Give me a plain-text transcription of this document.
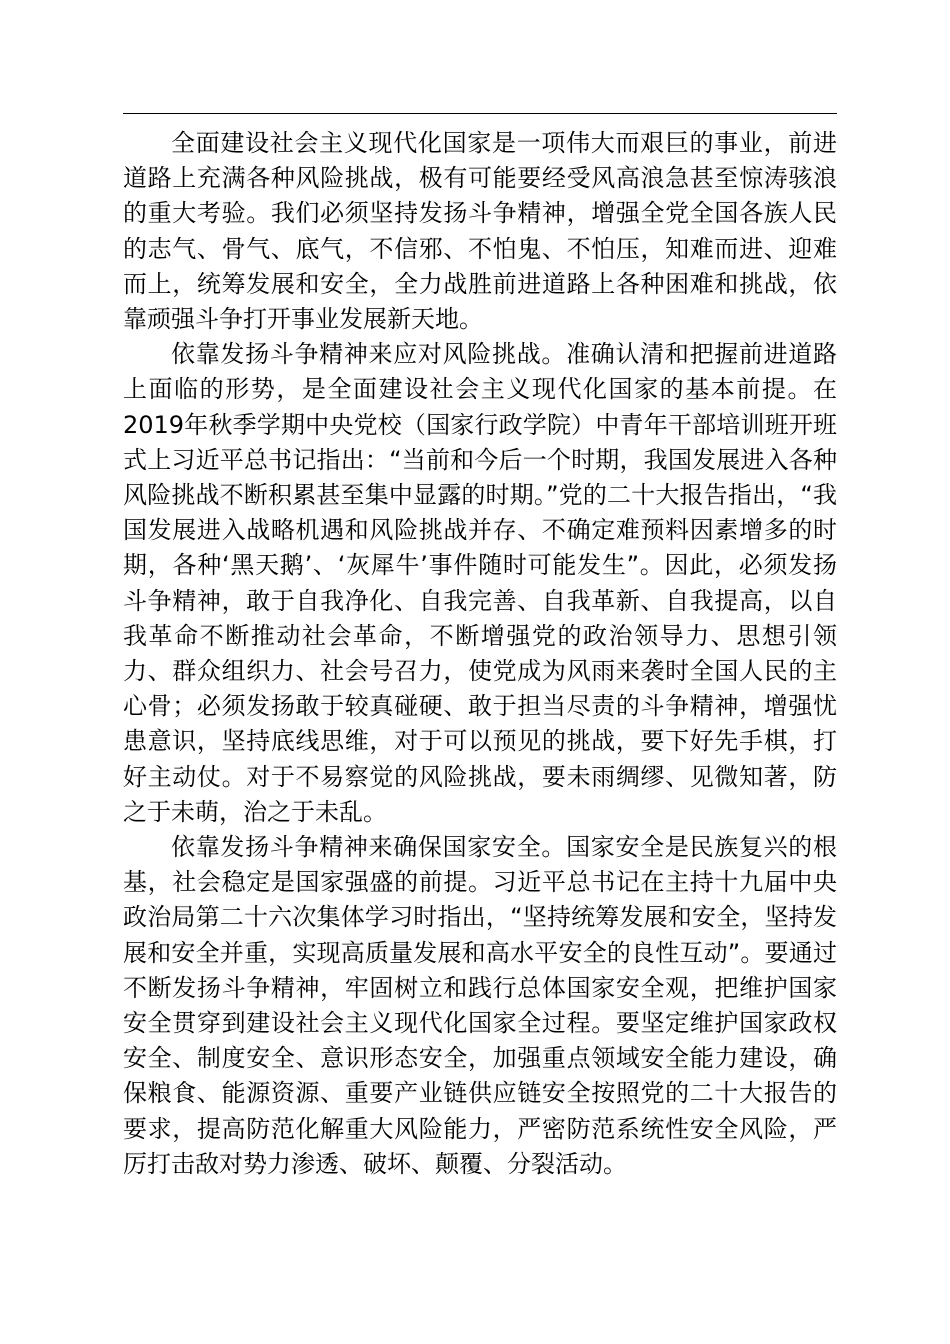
全面建设社会主义现代化国家是一项伟大而艰巨的事业，前进道路上充满各种风险挑战，极有可能要经受风高浪急甚至惊涛骇浪的重大考验。我们必须坚持发扬斗争精神，增强全党全国各族人民的志气、骨气、底气，不信邪、不怕鬼、不怕压，知难而进、迎难而上，统筹发展和安全，全力战胜前进道路上各种困难和挑战，依靠顽强斗争打开事业发展新天地。

依靠发扬斗争精神来应对风险挑战。准确认清和把握前进道路上面临的形势，是全面建设社会主义现代化国家的基本前提。在2019年秋季学期中央党校（国家行政学院）中青年干部培训班开班式上习近平总书记指出：“当前和今后一个时期，我国发展进入各种风险挑战不断积累甚至集中显露的时期。”党的二十大报告指出，“我国发展进入战略机遇和风险挑战并存、不确定难预料因素增多的时期，各种‘黑天鹅’、‘灰犀牛’事件随时可能发生”。因此，必须发扬斗争精神，敢于自我净化、自我完善、自我革新、自我提高，以自我革命不断推动社会革命，不断增强党的政治领导力、思想引领力、群众组织力、社会号召力，使党成为风雨来袭时全国人民的主心骨；必须发扬敢于较真碰硬、敢于担当尽责的斗争精神，增强忧患意识，坚持底线思维，对于可以预见的挑战，要下好先手棋，打好主动仗。对于不易察觉的风险挑战，要未雨绸缪、见微知著，防之于未萌，治之于未乱。

依靠发扬斗争精神来确保国家安全。国家安全是民族复兴的根基，社会稳定是国家强盛的前提。习近平总书记在主持十九届中央政治局第二十六次集体学习时指出，“坚持统筹发展和安全，坚持发展和安全并重，实现高质量发展和高水平安全的良性互动”。要通过不断发扬斗争精神，牢固树立和践行总体国家安全观，把维护国家安全贯穿到建设社会主义现代化国家全过程。要坚定维护国家政权安全、制度安全、意识形态安全，加强重点领域安全能力建设，确保粮食、能源资源、重要产业链供应链安全按照党的二十大报告的要求，提高防范化解重大风险能力，严密防范系统性安全风险，严厉打击敌对势力渗透、破坏、颠覆、分裂活动。
